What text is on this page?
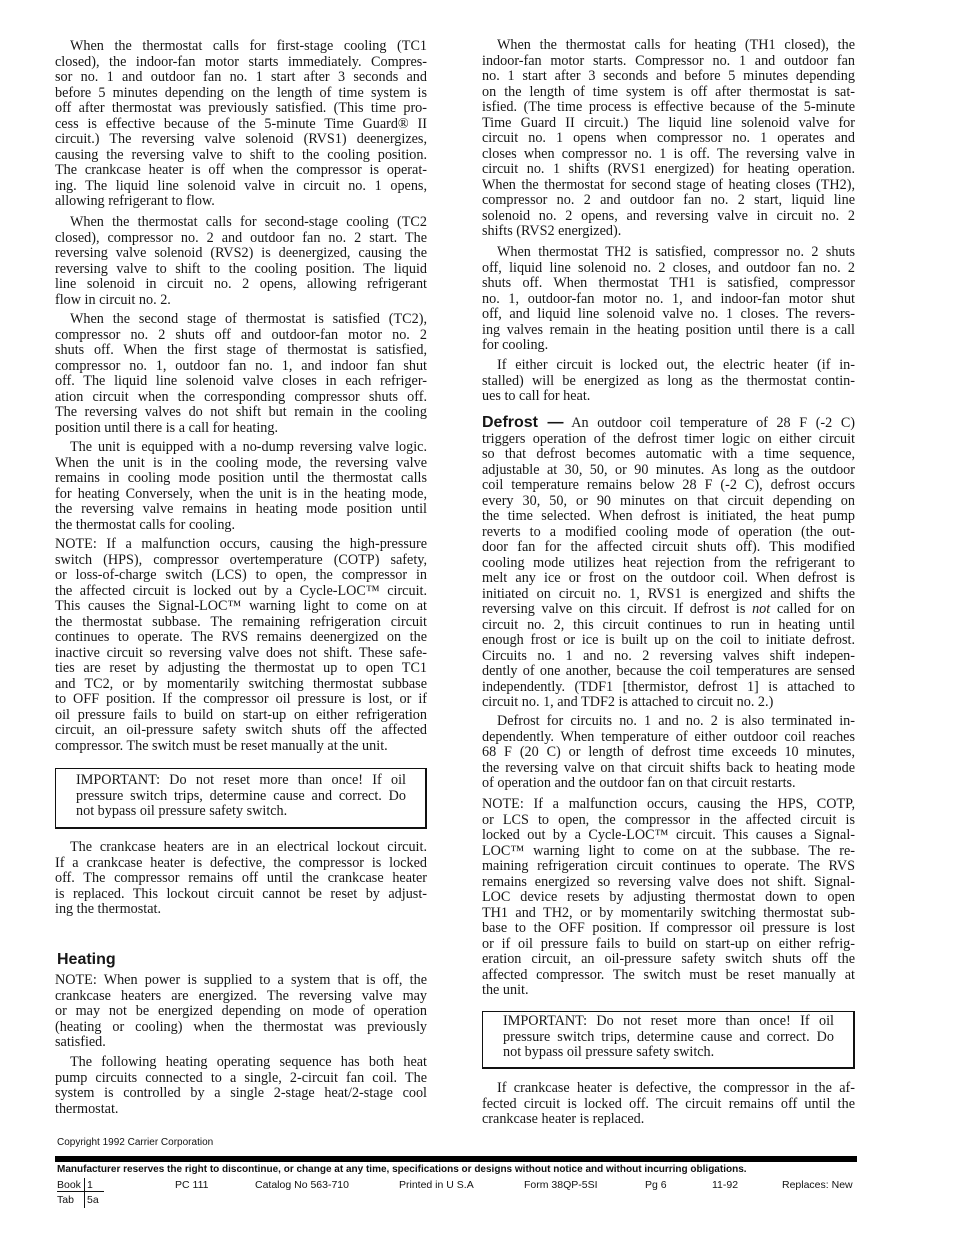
When the thermostat calls for first-stage cooling (TC1
closed), the indoor-fan motor starts immediately. Compres-
sor no. 1 and outdoor fan no. 1 start after 3 seconds and
before 5 minutes depending on the length of time system is
off after thermostat was previously satisfied. (This time pro-
cess is effective because of the 5-minute Time Guard® II
circuit.) The reversing valve solenoid (RVS1) deenergizes,
causing the reversing valve to shift to the cooling position.
The crankcase heater is off when the compressor is operat-
ing. The liquid line solenoid valve in circuit no. 1 opens,
allowing refrigerant to flow.
When the thermostat calls for second-stage cooling (TC2
closed), compressor no. 2 and outdoor fan no. 2 start. The
reversing valve solenoid (RVS2) is deenergized, causing the
reversing valve to shift to the cooling position. The liquid
line solenoid in circuit no. 2 opens, allowing refrigerant
flow in circuit no. 2.
When the second stage of thermostat is satisfied (TC2),
compressor no. 2 shuts off and outdoor-fan motor no. 2
shuts off. When the first stage of thermostat is satisfied,
compressor no. 1, outdoor fan no. 1, and indoor fan shut
off. The liquid line solenoid valve closes in each refriger-
ation circuit when the corresponding compressor shuts off.
The reversing valves do not shift but remain in the cooling
position until there is a call for heating.
The unit is equipped with a no-dump reversing valve logic.
When the unit is in the cooling mode, the reversing valve
remains in cooling mode position until the thermostat calls
for heating Conversely, when the unit is in the heating mode,
the reversing valve remains in heating mode position until
the thermostat calls for cooling.
NOTE: If a malfunction occurs, causing the high-pressure
switch (HPS), compressor overtemperature (COTP) safety,
or loss-of-charge switch (LCS) to open, the compressor in
the affected circuit is locked out by a Cycle-LOC™ circuit.
This causes the Signal-LOC™ warning light to come on at
the thermostat subbase. The remaining refrigeration circuit
continues to operate. The RVS remains deenergized on the
inactive circuit so reversing valve does not shift. These safe-
ties are reset by adjusting the thermostat up to open TC1
and TC2, or by momentarily switching thermostat subbase
to OFF position. If the compressor oil pressure is lost, or if
oil pressure fails to build on start-up on either refrigeration
circuit, an oil-pressure safety switch shuts off the affected
compressor. The switch must be reset manually at the unit.
IMPORTANT: Do not reset more than once! If oil
pressure switch trips, determine cause and correct. Do
not bypass oil pressure safety switch.
The crankcase heaters are in an electrical lockout circuit.
If a crankcase heater is defective, the compressor is locked
off. The compressor remains off until the crankcase heater
is replaced. This lockout circuit cannot be reset by adjust-
ing the thermostat.
Heating
NOTE: When power is supplied to a system that is off, the
crankcase heaters are energized. The reversing valve may
or may not be energized depending on mode of operation
(heating or cooling) when the thermostat was previously
satisfied.
The following heating operating sequence has both heat
pump circuits connected to a single, 2-circuit fan coil. The
system is controlled by a single 2-stage heat/2-stage cool
thermostat.
When the thermostat calls for heating (TH1 closed), the
indoor-fan motor starts. Compressor no. 1 and outdoor fan
no. 1 start after 3 seconds and before 5 minutes depending
on the length of time system is off after thermostat is sat-
isfied. (The time process is effective because of the 5-minute
Time Guard II circuit.) The liquid line solenoid valve for
circuit no. 1 opens when compressor no. 1 operates and
closes when compressor no. 1 is off. The reversing valve in
circuit no. 1 shifts (RVS1 energized) for heating operation.
When the thermostat for second stage of heating closes (TH2),
compressor no. 2 and outdoor fan no. 2 start, liquid line
solenoid no. 2 opens, and reversing valve in circuit no. 2
shifts (RVS2 energized).
When thermostat TH2 is satisfied, compressor no. 2 shuts
off, liquid line solenoid no. 2 closes, and outdoor fan no. 2
shuts off. When thermostat TH1 is satisfied, compressor
no. 1, outdoor-fan motor no. 1, and indoor-fan motor shut
off, and liquid line solenoid valve no. 1 closes. The revers-
ing valves remain in the heating position until there is a call
for cooling.
If either circuit is locked out, the electric heater (if in-
stalled) will be energized as long as the thermostat contin-
ues to call for heat.
Defrost — An outdoor coil temperature of 28 F (-2 C)
triggers operation of the defrost timer logic on either circuit
so that defrost becomes automatic with a time sequence,
adjustable at 30, 50, or 90 minutes. As long as the outdoor
coil temperature remains below 28 F (-2 C), defrost occurs
every 30, 50, or 90 minutes on that circuit depending on
the time selected. When defrost is initiated, the heat pump
reverts to a modified cooling mode of operation (the out-
door fan for the affected circuit shuts off). This modified
cooling mode utilizes heat rejection from the refrigerant to
melt any ice or frost on the outdoor coil. When defrost is
initiated on circuit no. 1, RVS1 is energized and shifts the
reversing valve on this circuit. If defrost is not called for on
circuit no. 2, this circuit continues to run in heating until
enough frost or ice is built up on the coil to initiate defrost.
Circuits no. 1 and no. 2 reversing valves shift indepen-
dently of one another, because the coil temperatures are sensed
independently. (TDF1 [thermistor, defrost 1] is attached to
circuit no. 1, and TDF2 is attached to circuit no. 2.)
Defrost for circuits no. 1 and no. 2 is also terminated in-
dependently. When temperature of either outdoor coil reaches
68 F (20 C) or length of defrost time exceeds 10 minutes,
the reversing valve on that circuit shifts back to heating mode
of operation and the outdoor fan on that circuit restarts.
NOTE: If a malfunction occurs, causing the HPS, COTP,
or LCS to open, the compressor in the affected circuit is
locked out by a Cycle-LOC™ circuit. This causes a Signal-
LOC™ warning light to come on at the subbase. The re-
maining refrigeration circuit continues to operate. The RVS
remains energized so reversing valve does not shift. Signal-
LOC device resets by adjusting thermostat down to open
TH1 and TH2, or by momentarily switching thermostat sub-
base to the OFF position. If compressor oil pressure is lost
or if oil pressure fails to build on start-up on either refrig-
eration circuit, an oil-pressure safety switch shuts off the
affected compressor. The switch must be reset manually at
the unit.
IMPORTANT: Do not reset more than once! If oil
pressure switch trips, determine cause and correct. Do
not bypass oil pressure safety switch.
If crankcase heater is defective, the compressor in the af-
fected circuit is locked off. The circuit remains off until the
crankcase heater is replaced.
Copyright 1992 Carrier Corporation
Manufacturer reserves the right to discontinue, or change at any time, specifications or designs without notice and without incurring obligations.
Book 1
Tab 5a
PC 111	Catalog No 563-710	Printed in U S.A	Form 38QP-5SI	Pg 6	11-92	Replaces: New
